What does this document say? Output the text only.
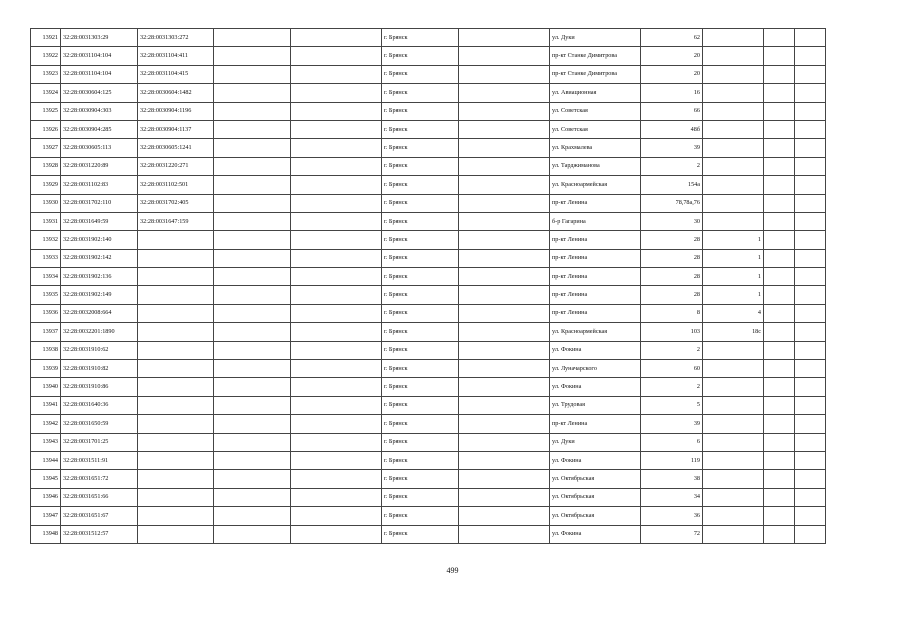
13921	32:28:0031303:29	32:28:0031303:272			г. Брянск		ул. Дуки	62			
13922	32:28:0031104:104	32:28:0031104:411			г. Брянск		пр-кт Станке Димитрова	20			
13923	32:28:0031104:104	32:28:0031104:415			г. Брянск		пр-кт Станке Димитрова	20			
13924	32:28:0030604:125	32:28:0030604:1482			г. Брянск		ул. Авиационная	16			
13925	32:28:0030904:303	32:28:0030904:1196			г. Брянск		ул. Советская	66			
13926	32:28:0030904:285	32:28:0030904:1137			г. Брянск		ул. Советская	48б			
13927	32:28:0030605:113	32:28:0030605:1241			г. Брянск		ул. Крахмалева	39			
13928	32:28:0031220:89	32:28:0031220:271			г. Брянск		ул. Тарджиманова	2			
13929	32:28:0031102:83	32:28:0031102:501			г. Брянск		ул. Красноармейская	154а			
13930	32:28:0031702:110	32:28:0031702:405			г. Брянск		пр-кт Ленина	78,78а,76			
13931	32:28:0031649:59	32:28:0031647:159			г. Брянск		б-р Гагарина	30			
13932	32:28:0031902:140				г. Брянск		пр-кт Ленина	28	1		
13933	32:28:0031902:142				г. Брянск		пр-кт Ленина	28	1		
13934	32:28:0031902:136				г. Брянск		пр-кт Ленина	28	1		
13935	32:28:0031902:149				г. Брянск		пр-кт Ленина	28	1		
13936	32:28:0032008:664				г. Брянск		пр-кт Ленина	8	4		
13937	32:28:0032201:1890				г. Брянск		ул. Красноармейская	103	18с		
13938	32:28:0031910:62				г. Брянск		ул. Фокина	2			
13939	32:28:0031910:82				г. Брянск		ул. Луначарского	60			
13940	32:28:0031910:86				г. Брянск		ул. Фокина	2			
13941	32:28:0031640:36				г. Брянск		ул. Трудовая	5			
13942	32:28:0031650:59				г. Брянск		пр-кт Ленина	39			
13943	32:28:0031701:25				г. Брянск		ул. Дуки	6			
13944	32:28:0031511:91				г. Брянск		ул. Фокина	119			
13945	32:28:0031651:72				г. Брянск		ул. Октябрьская	38			
13946	32:28:0031651:66				г. Брянск		ул. Октябрьская	34			
13947	32:28:0031651:67				г. Брянск		ул. Октябрьская	36			
13948	32:28:0031512:57				г. Брянск		ул. Фокина	72			
499
